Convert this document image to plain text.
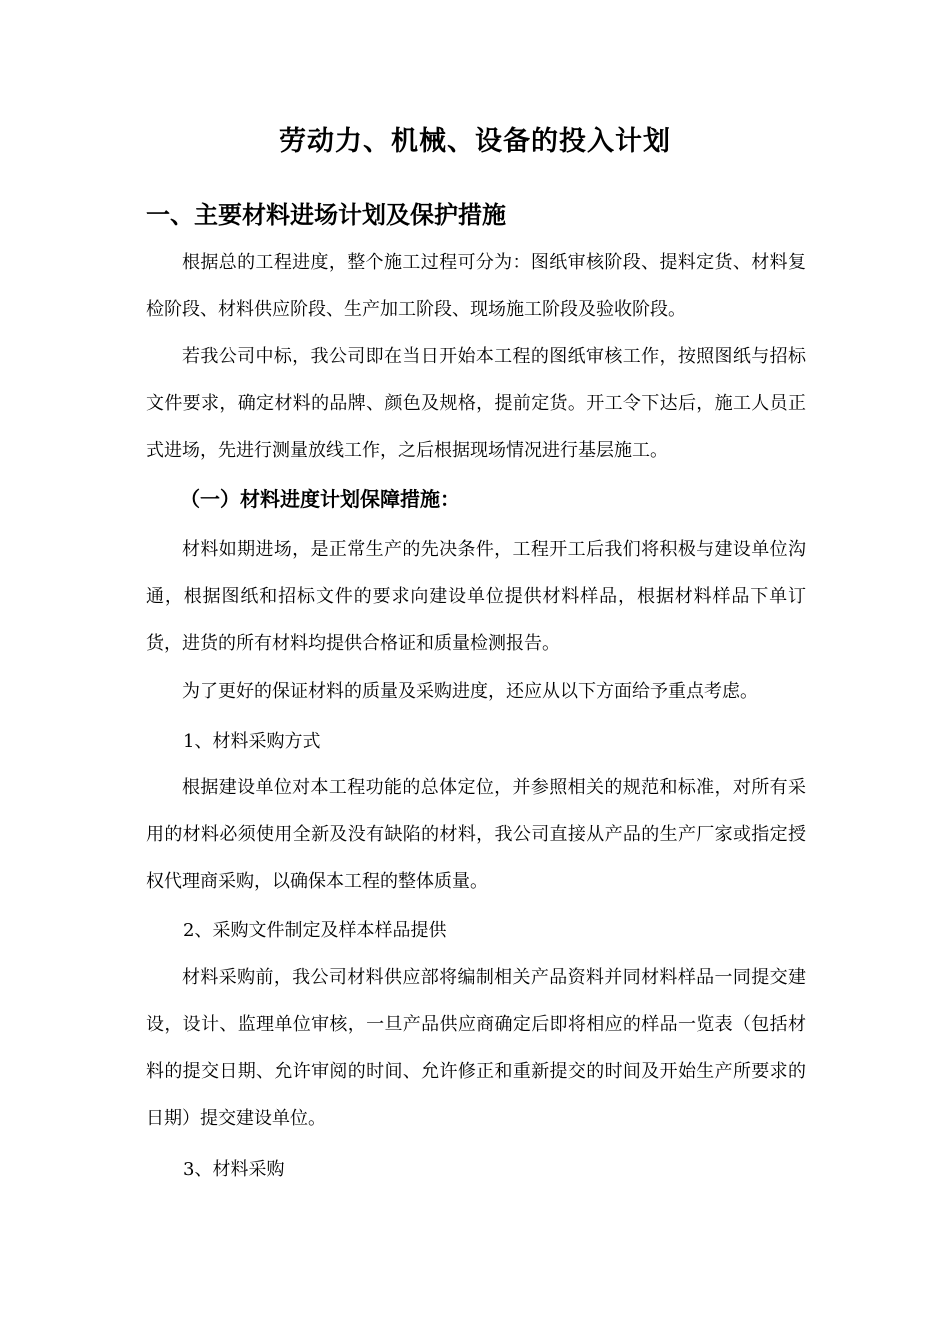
劳动力、机械、设备的投入计划
一、主要材料进场计划及保护措施

根据总的工程进度，整个施工过程可分为：图纸审核阶段、提料定货、材料复检阶段、材料供应阶段、生产加工阶段、现场施工阶段及验收阶段。

若我公司中标，我公司即在当日开始本工程的图纸审核工作，按照图纸与招标文件要求，确定材料的品牌、颜色及规格，提前定货。开工令下达后，施工人员正式进场，先进行测量放线工作，之后根据现场情况进行基层施工。

（一）材料进度计划保障措施：

材料如期进场，是正常生产的先决条件，工程开工后我们将积极与建设单位沟通，根据图纸和招标文件的要求向建设单位提供材料样品，根据材料样品下单订货，进货的所有材料均提供合格证和质量检测报告。

为了更好的保证材料的质量及采购进度，还应从以下方面给予重点考虑。

1、材料采购方式

根据建设单位对本工程功能的总体定位，并参照相关的规范和标准，对所有采用的材料必须使用全新及没有缺陷的材料，我公司直接从产品的生产厂家或指定授权代理商采购，以确保本工程的整体质量。

2、采购文件制定及样本样品提供

材料采购前，我公司材料供应部将编制相关产品资料并同材料样品一同提交建设，设计、监理单位审核，一旦产品供应商确定后即将相应的样品一览表（包括材料的提交日期、允许审阅的时间、允许修正和重新提交的时间及开始生产所要求的日期）提交建设单位。

3、材料采购
